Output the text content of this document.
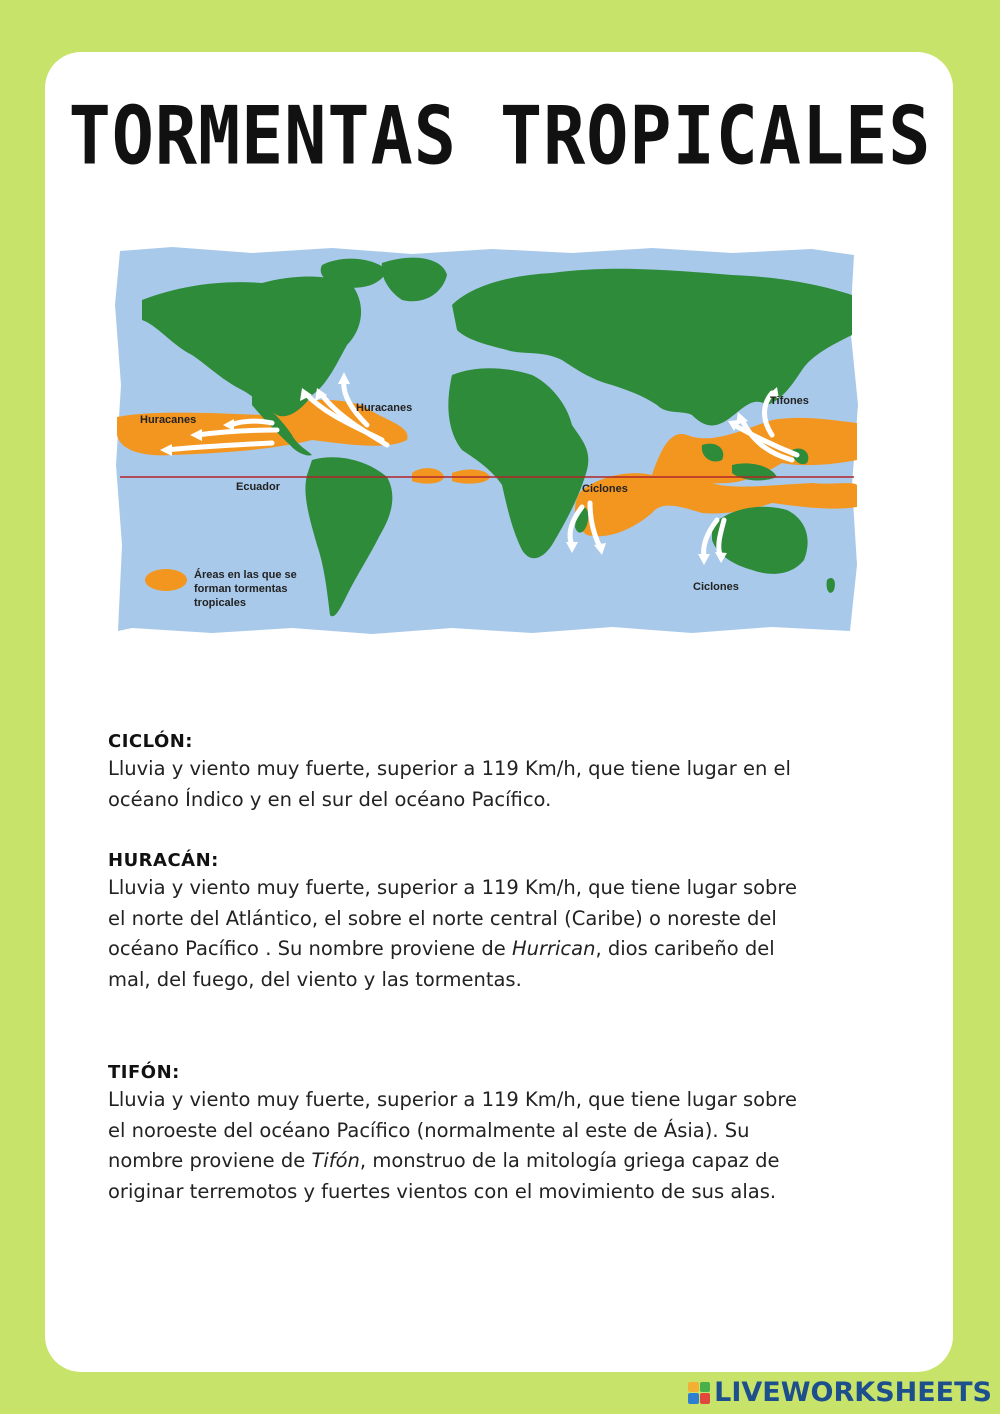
TORMENTAS TROPICALES
Huracanes
Huracanes
Tifones
Ecuador	Ciclones
Ciclones
Áreas en las que se
forman tormentas
tropicales
CICLÓN:

Lluvia y viento muy fuerte, superior a 119 Km/h, que tiene lugar en el
océano Índico y en el sur del océano Pacífico.

HURACÁN:

Lluvia y viento muy fuerte, superior a 119 Km/h, que tiene lugar sobre
el norte del Atlántico, el sobre el norte central (Caribe) o noreste del
océano Pacífico . Su nombre proviene de Hurrican, dios caribeño del
mal, del fuego, del viento y las tormentas.

TIFÓN:

Lluvia y viento muy fuerte, superior a 119 Km/h, que tiene lugar sobre
el noroeste del océano Pacífico (normalmente al este de Ásia). Su
nombre proviene de Tifón, monstruo de la mitología griega capaz de
originar terremotos y fuertes vientos con el movimiento de sus alas.

LIVEWORKSHEETS
